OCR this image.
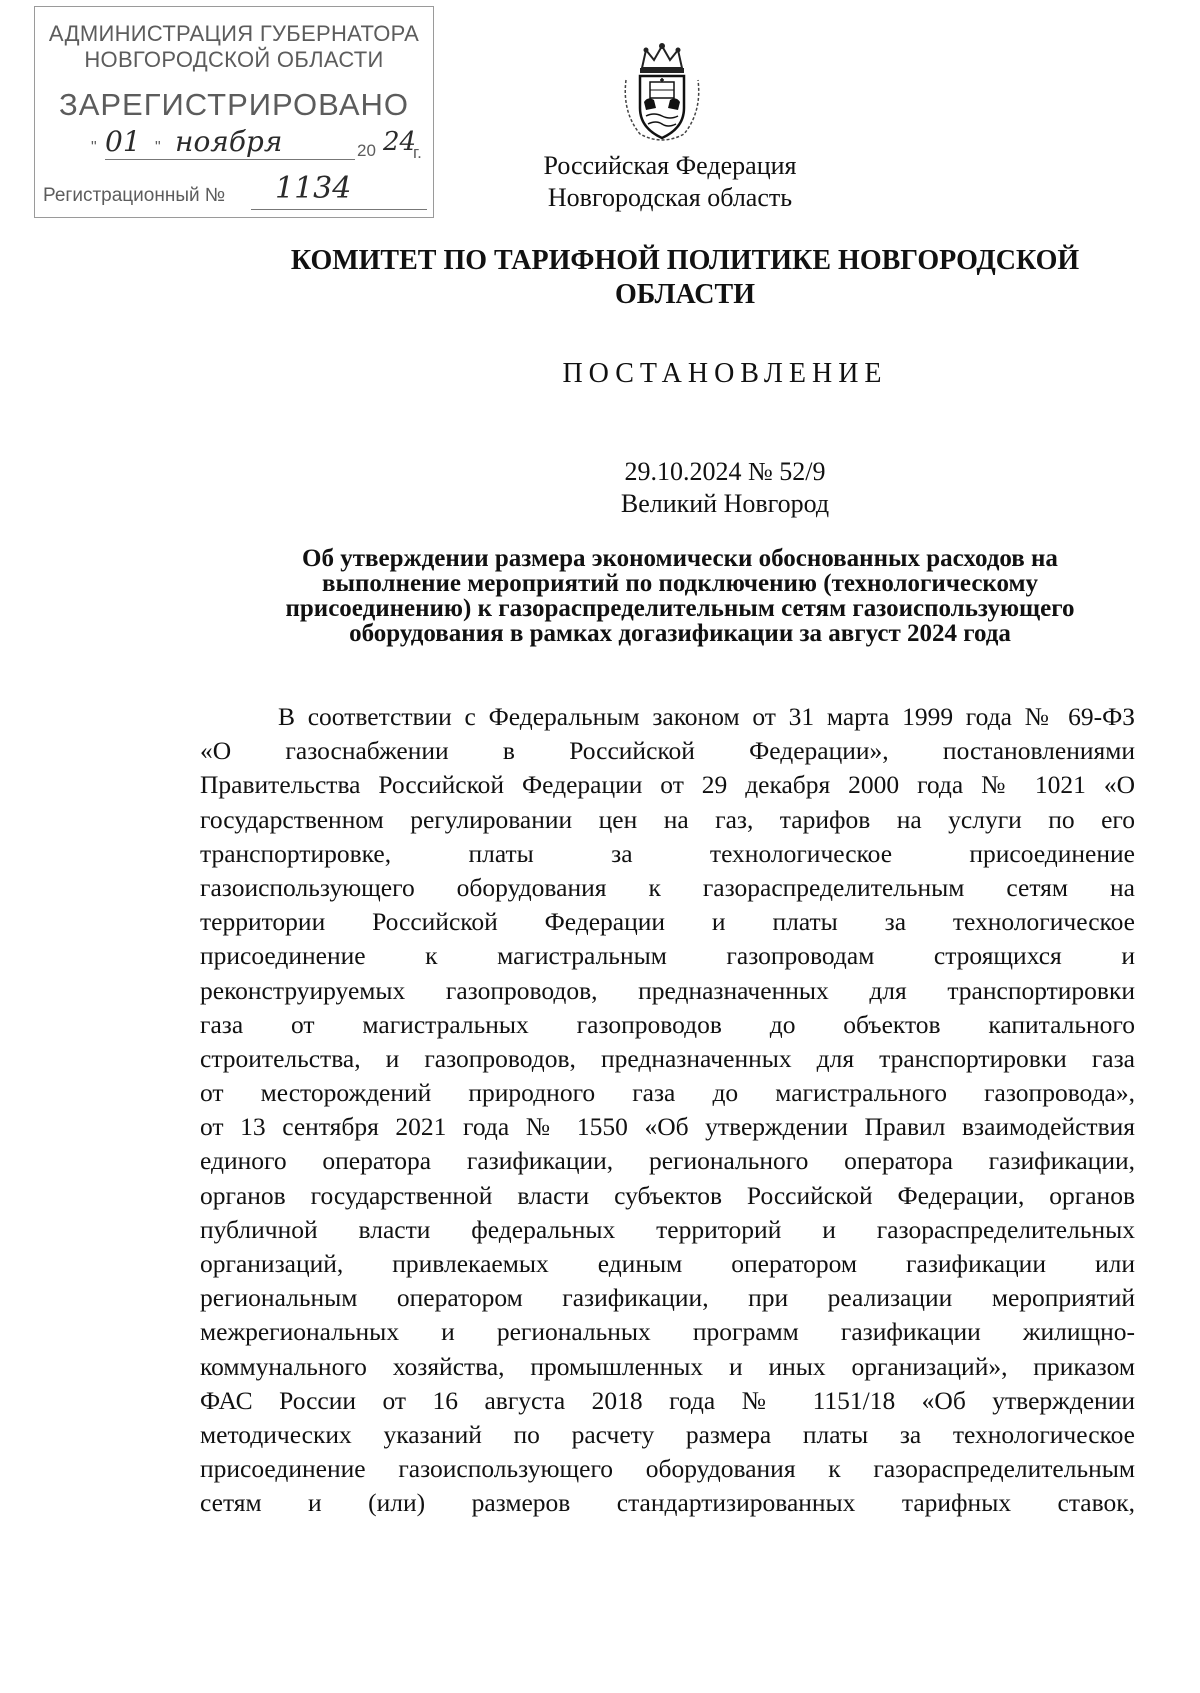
АДМИНИСТРАЦИЯ ГУБЕРНАТОРА
НОВГОРОДСКОЙ ОБЛАСТИ
ЗАРЕГИСТРИРОВАНО
" 01 " ноября	20 24
г.
Регистрационный № 1134
Российская Федерация
Новгородская область
КОМИТЕТ ПО ТАРИФНОЙ ПОЛИТИКЕ НОВГОРОДСКОЙ
ОБЛАСТИ
ПОСТАНОВЛЕНИЕ
29.10.2024 № 52/9
Великий Новгород
Об утверждении размера экономически обоснованных расходов на
выполнение мероприятий по подключению (технологическому
присоединению) к газораспределительным сетям газоиспользующего
оборудования в рамках догазификации за август 2024 года
В соответствии с Федеральным законом от 31 марта 1999 года № 69-ФЗ
«О газоснабжении в Российской Федерации», постановлениями
Правительства Российской Федерации от 29 декабря 2000 года № 1021 «О
государственном регулировании цен на газ, тарифов на услуги по его
транспортировке, платы за технологическое присоединение
газоиспользующего оборудования к газораспределительным сетям на
территории Российской Федерации и платы за технологическое
присоединение к магистральным газопроводам строящихся и
реконструируемых газопроводов, предназначенных для транспортировки
газа от магистральных газопроводов до объектов капитального
строительства, и газопроводов, предназначенных для транспортировки газа
от месторождений природного газа до магистрального газопровода»,
от 13 сентября 2021 года № 1550 «Об утверждении Правил взаимодействия
единого оператора газификации, регионального оператора газификации,
органов государственной власти субъектов Российской Федерации, органов
публичной власти федеральных территорий и газораспределительных
организаций, привлекаемых единым оператором газификации или
региональным оператором газификации, при реализации мероприятий
межрегиональных и региональных программ газификации жилищно-
коммунального хозяйства, промышленных и иных организаций», приказом
ФАС России от 16 августа 2018 года № 1151/18 «Об утверждении
методических указаний по расчету размера платы за технологическое
присоединение газоиспользующего оборудования к газораспределительным
сетям и (или) размеров стандартизированных тарифных ставок,
